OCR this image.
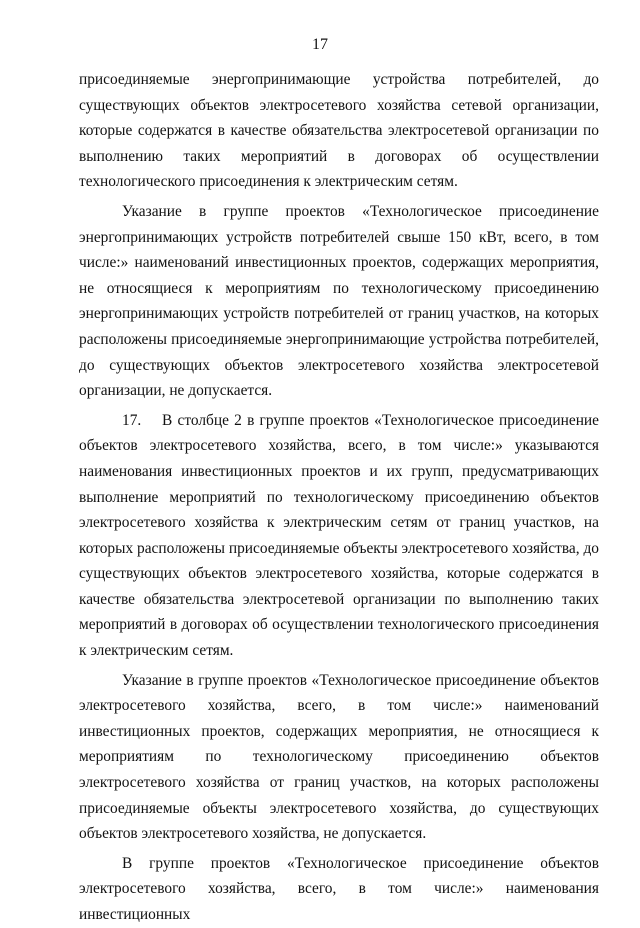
17

присоединяемые энергопринимающие устройства потребителей, до существующих объектов электросетевого хозяйства сетевой организации, которые содержатся в качестве обязательства электросетевой организации по выполнению таких мероприятий в договорах об осуществлении технологического присоединения к электрическим сетям.

Указание в группе проектов «Технологическое присоединение энергопринимающих устройств потребителей свыше 150 кВт, всего, в том числе:» наименований инвестиционных проектов, содержащих мероприятия, не относящиеся к мероприятиям по технологическому присоединению энергопринимающих устройств потребителей от границ участков, на которых расположены присоединяемые энергопринимающие устройства потребителей, до существующих объектов электросетевого хозяйства электросетевой организации, не допускается.

17.    В столбце 2 в группе проектов «Технологическое присоединение объектов электросетевого хозяйства, всего, в том числе:» указываются наименования инвестиционных проектов и их групп, предусматривающих выполнение мероприятий по технологическому присоединению объектов электросетевого хозяйства к электрическим сетям от границ участков, на которых расположены присоединяемые объекты электросетевого хозяйства, до существующих объектов электросетевого хозяйства, которые содержатся в качестве обязательства электросетевой организации по выполнению таких мероприятий в договорах об осуществлении технологического присоединения к электрическим сетям.

Указание в группе проектов «Технологическое присоединение объектов электросетевого хозяйства, всего, в том числе:» наименований инвестиционных проектов, содержащих мероприятия, не относящиеся к мероприятиям по технологическому присоединению объектов электросетевого хозяйства от границ участков, на которых расположены присоединяемые объекты электросетевого хозяйства, до существующих объектов электросетевого хозяйства, не допускается.

В группе проектов «Технологическое присоединение объектов электросетевого хозяйства, всего, в том числе:» наименования инвестиционных
